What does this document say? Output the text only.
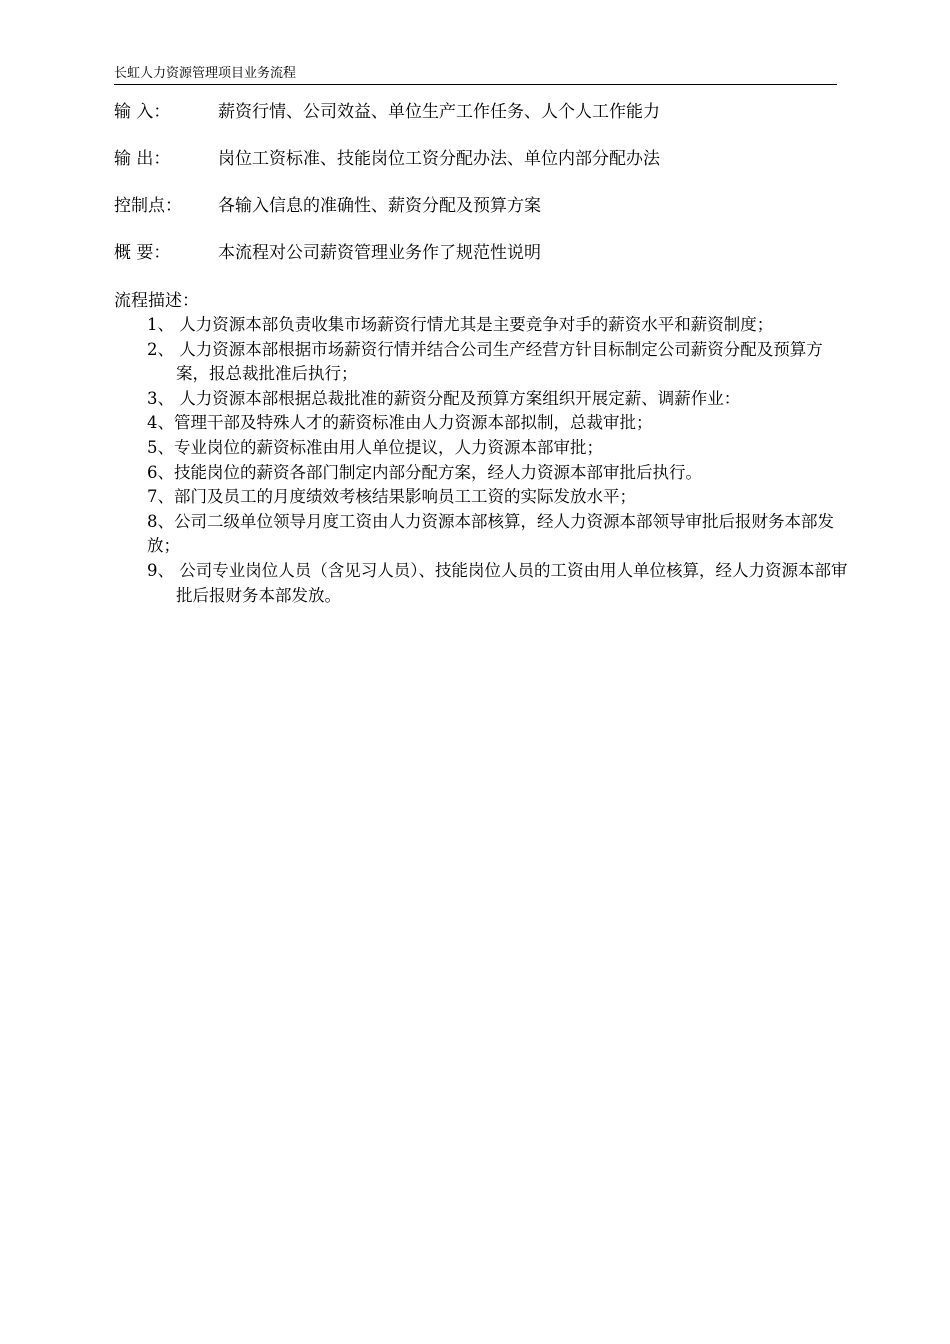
长虹人力资源管理项目业务流程
输 入：	薪资行情、公司效益、单位生产工作任务、人个人工作能力
输 出：	岗位工资标准、技能岗位工资分配办法、单位内部分配办法
控制点： 各输入信息的准确性、薪资分配及预算方案
概 要：	本流程对公司薪资管理业务作了规范性说明
流程描述：
1、 人力资源本部负责收集市场薪资行情尤其是主要竞争对手的薪资水平和薪资制度；
2、 人力资源本部根据市场薪资行情并结合公司生产经营方针目标制定公司薪资分配及预算方案，报总裁批准后执行；
3、 人力资源本部根据总裁批准的薪资分配及预算方案组织开展定薪、调薪作业：
4、管理干部及特殊人才的薪资标准由人力资源本部拟制，总裁审批；
5、专业岗位的薪资标准由用人单位提议，人力资源本部审批；
6、技能岗位的薪资各部门制定内部分配方案，经人力资源本部审批后执行。
7、部门及员工的月度绩效考核结果影响员工工资的实际发放水平；
8、公司二级单位领导月度工资由人力资源本部核算，经人力资源本部领导审批后报财务本部发放；
9、 公司专业岗位人员（含见习人员）、技能岗位人员的工资由用人单位核算，经人力资源本部审批后报财务本部发放。
